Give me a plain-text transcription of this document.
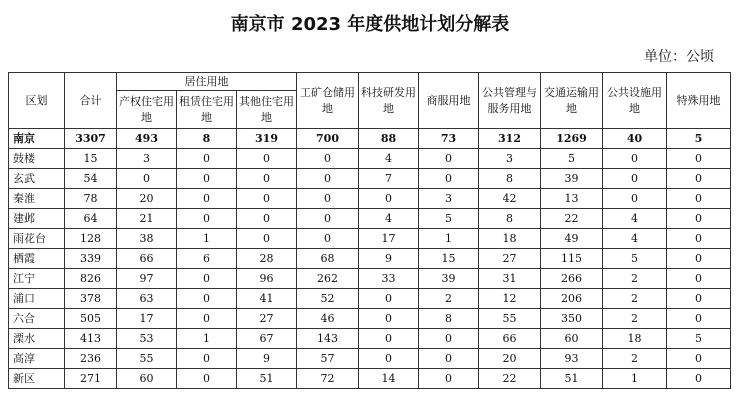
南京市 2023 年度供地计划分解表
单位：公顷
区划	合计	居住用地			工矿仓储用地	科技研发用地	商服用地	公共管理与服务用地	交通运输用地	公共设施用地	特殊用地
		产权住宅用地	租赁住宅用地	其他住宅用地							
南京	3307	493	8	319	700	88	73	312	1269	40	5
鼓楼	15	3	0	0	0	4	0	3	5	0	0
玄武	54	0	0	0	0	7	0	8	39	0	0
秦淮	78	20	0	0	0	0	3	42	13	0	0
建邺	64	21	0	0	0	4	5	8	22	4	0
雨花台	128	38	1	0	0	17	1	18	49	4	0
栖霞	339	66	6	28	68	9	15	27	115	5	0
江宁	826	97	0	96	262	33	39	31	266	2	0
浦口	378	63	0	41	52	0	2	12	206	2	0
六合	505	17	0	27	46	0	8	55	350	2	0
溧水	413	53	1	67	143	0	0	66	60	18	5
高淳	236	55	0	9	57	0	0	20	93	2	0
新区	271	60	0	51	72	14	0	22	51	1	0
